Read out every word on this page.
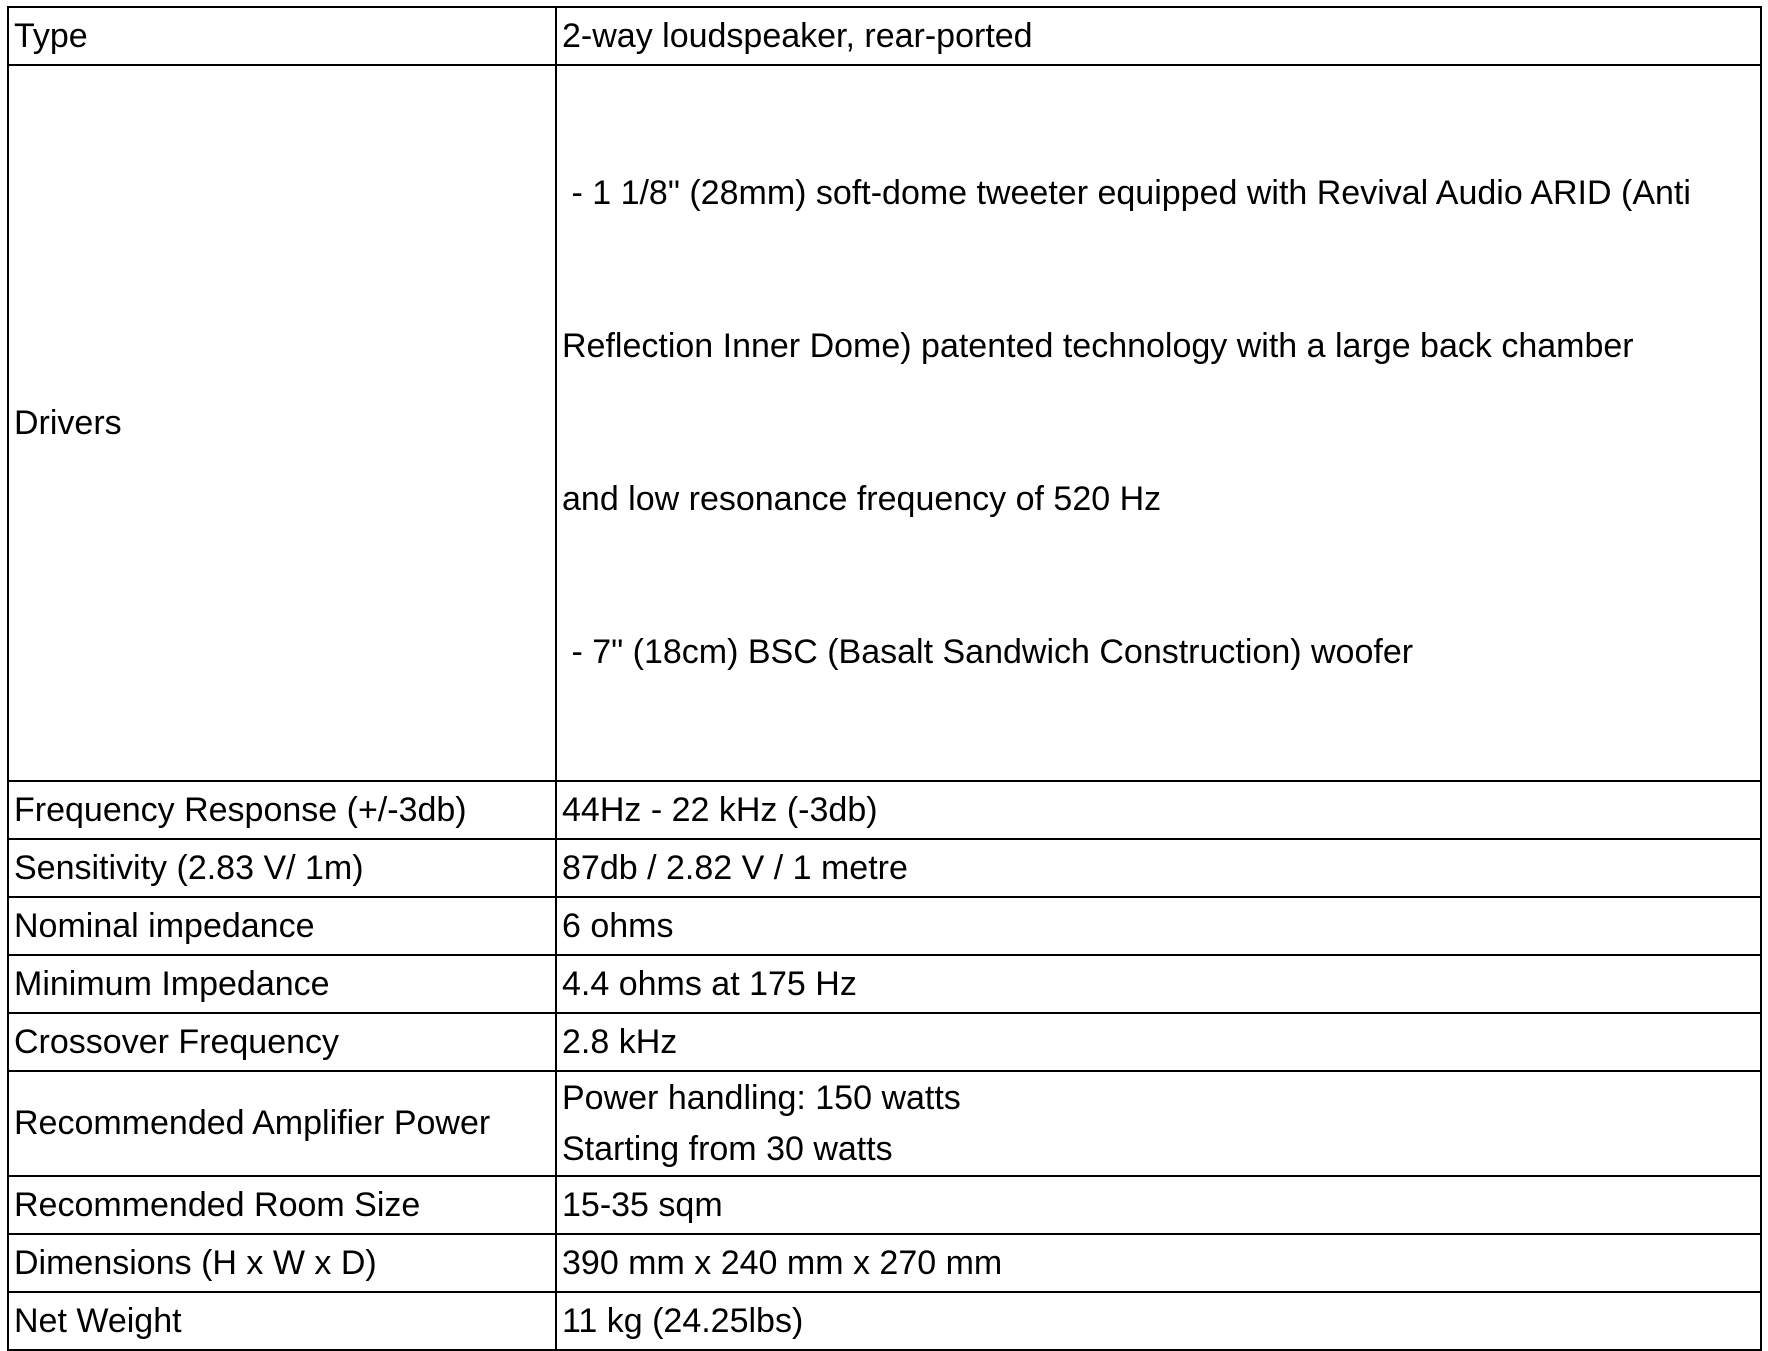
Type	2-way loudspeaker, rear-ported

Drivers	- 1 1/8" (28mm) soft-dome tweeter equipped with Revival Audio ARID (Anti

Reflection Inner Dome) patented technology with a large back chamber

and low resonance frequency of 520 Hz

- 7" (18cm) BSC (Basalt Sandwich Construction) woofer

Frequency Response (+/-3db)	44Hz - 22 kHz (-3db)

Sensitivity (2.83 V/ 1m)	87db / 2.82 V / 1 metre

Nominal impedance	6 ohms

Minimum Impedance	4.4 ohms at 175 Hz

Crossover Frequency	2.8 kHz

Recommended Amplifier Power	Power handling: 150 watts
Starting from 30 watts

Recommended Room Size	15-35 sqm

Dimensions (H x W x D)	390 mm x 240 mm x 270 mm

Net Weight	11 kg (24.25lbs)
